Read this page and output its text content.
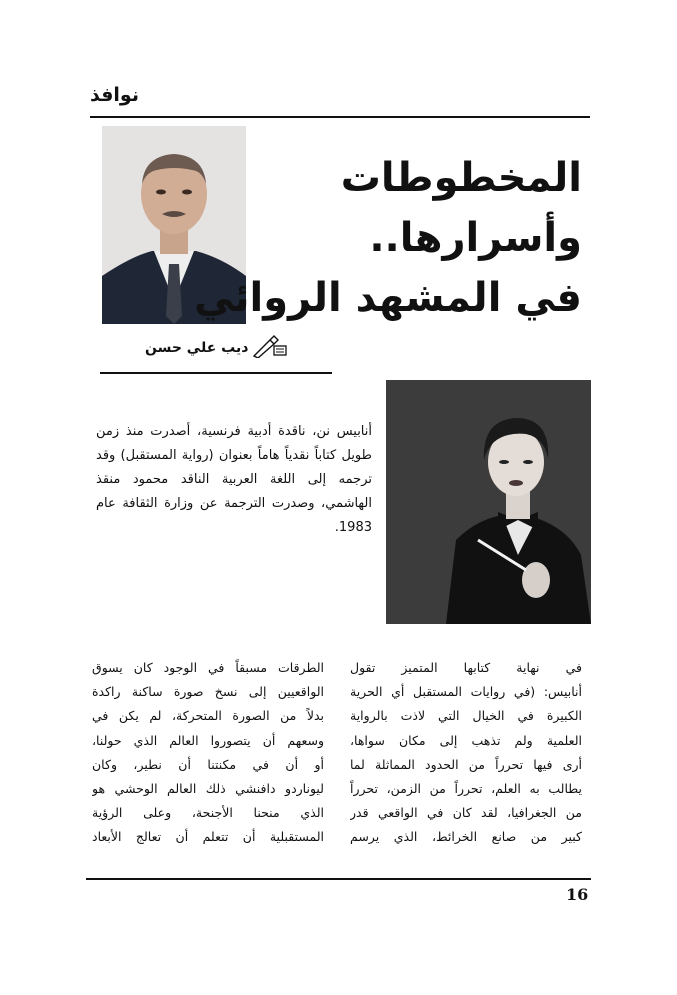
نوافذ
المخطوطات
وأسرارها..
في المشهد الروائي
ديب علي حسن
أنابيس نن، ناقدة أدبية فرنسية، أصدرت منذ زمن طويل كتاباً نقدياً هاماً بعنوان (رواية المستقبل) وقد ترجمه إلى اللغة العربية الناقد محمود منقذ الهاشمي، وصدرت الترجمة عن وزارة الثقافة عام 1983.
في نهاية كتابها المتميز تقول
أنابيس: (في روايات المستقبل أي الحرية
الكبيرة في الخيال التي لاذت بالرواية
العلمية ولم تذهب إلى مكان سواها،
أرى فيها تحرراً من الحدود المماثلة لما
يطالب به العلم، تحرراً من الزمن، تحرراً
من الجغرافيا، لقد كان في الواقعي قدر
كبير من صانع الخرائط، الذي يرسم
الطرقات مسبقاً في الوجود كان يسوق
الواقعيين إلى نسخ صورة ساكنة راكدة
بدلاً من الصورة المتحركة، لم يكن في
وسعهم أن يتصوروا العالم الذي حولنا،
أو أن في مكنتنا أن نطير، وكان
ليوناردو دافنشي ذلك العالم الوحشي هو
الذي منحنا الأجنحة، وعلى الرؤية
المستقبلية أن تتعلم أن تعالج الأبعاد
16
